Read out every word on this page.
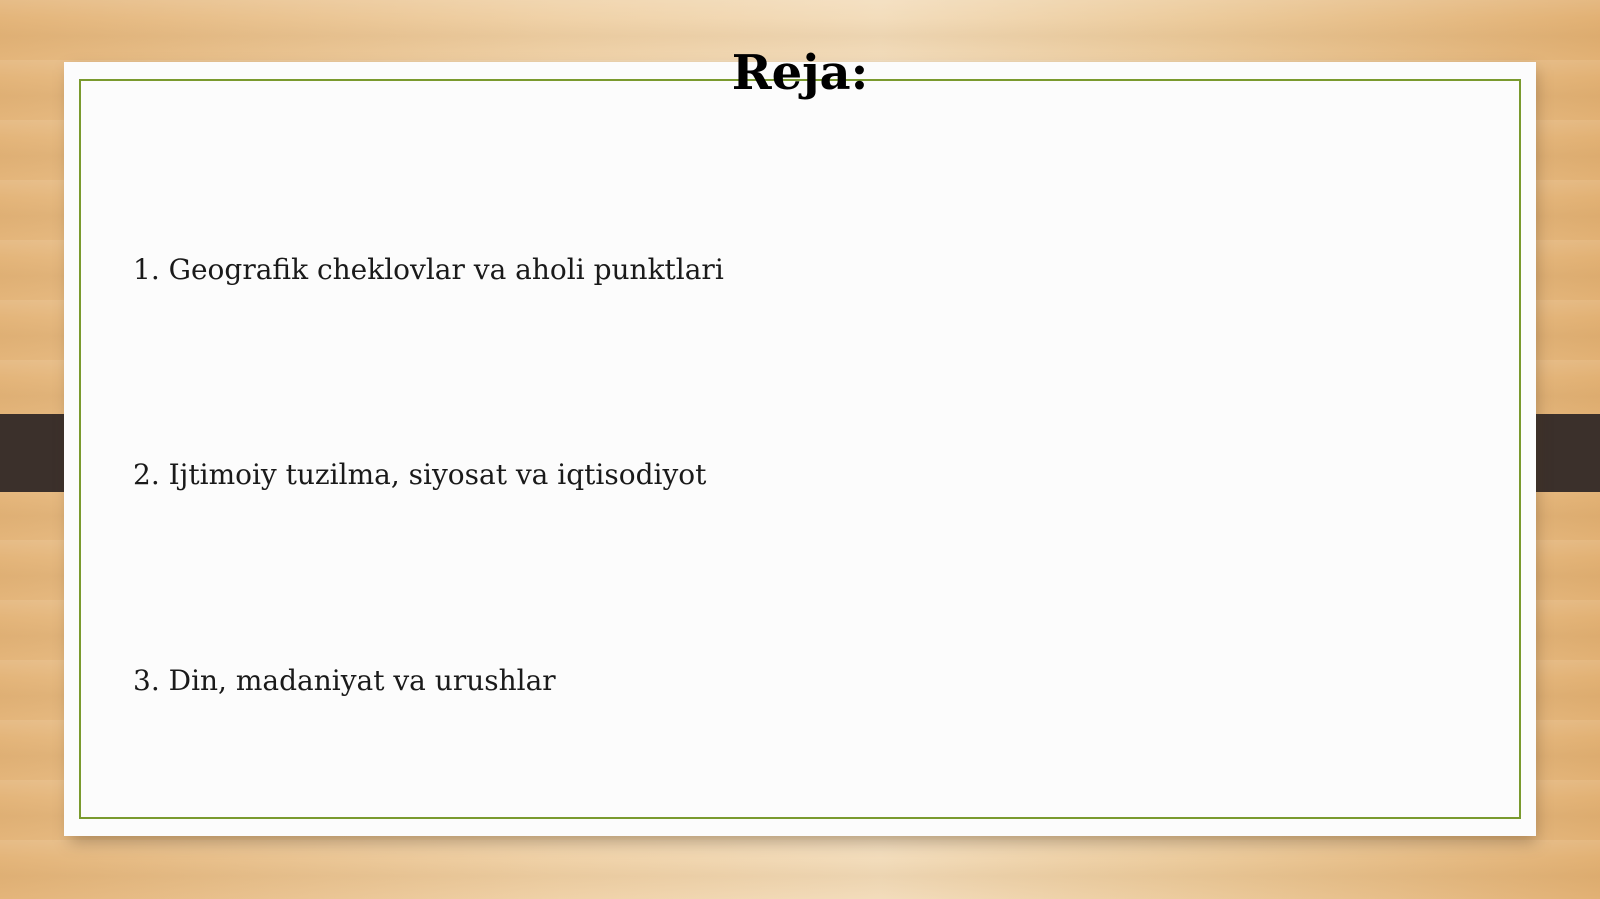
Reja:
1. Geografik cheklovlar va aholi punktlari
2. Ijtimoiy tuzilma, siyosat va iqtisodiyot
3. Din, madaniyat va urushlar
